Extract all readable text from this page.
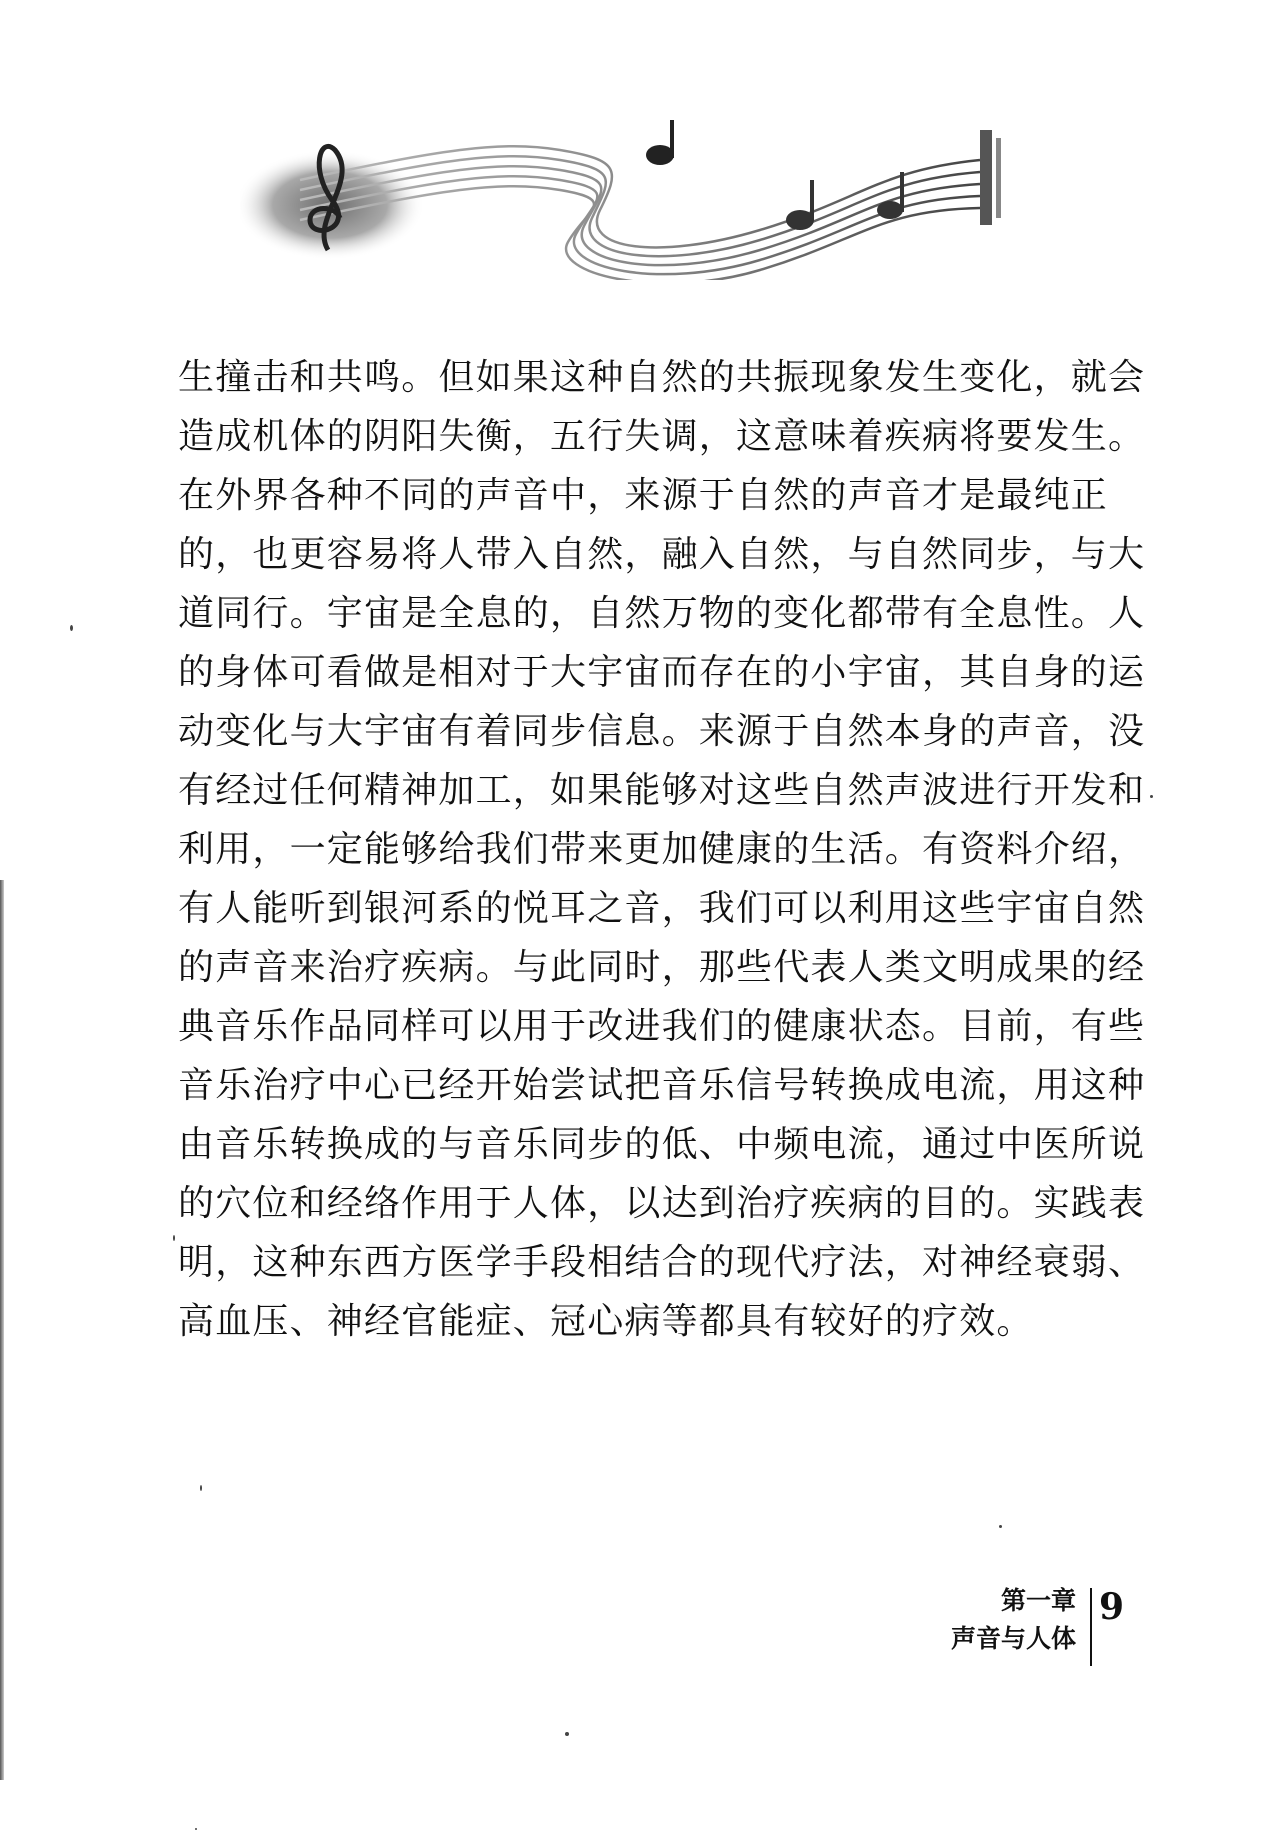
生撞击和共鸣。但如果这种自然的共振现象发生变化，就会
造成机体的阴阳失衡，五行失调，这意味着疾病将要发生。
在外界各种不同的声音中，来源于自然的声音才是最纯正
的，也更容易将人带入自然，融入自然，与自然同步，与大
道同行。宇宙是全息的，自然万物的变化都带有全息性。人
的身体可看做是相对于大宇宙而存在的小宇宙，其自身的运
动变化与大宇宙有着同步信息。来源于自然本身的声音，没
有经过任何精神加工，如果能够对这些自然声波进行开发和
利用，一定能够给我们带来更加健康的生活。有资料介绍，
有人能听到银河系的悦耳之音，我们可以利用这些宇宙自然
的声音来治疗疾病。与此同时，那些代表人类文明成果的经
典音乐作品同样可以用于改进我们的健康状态。目前，有些
音乐治疗中心已经开始尝试把音乐信号转换成电流，用这种
由音乐转换成的与音乐同步的低、中频电流，通过中医所说
的穴位和经络作用于人体，以达到治疗疾病的目的。实践表
明，这种东西方医学手段相结合的现代疗法，对神经衰弱、
高血压、神经官能症、冠心病等都具有较好的疗效。
第一章
声音与人体
9
